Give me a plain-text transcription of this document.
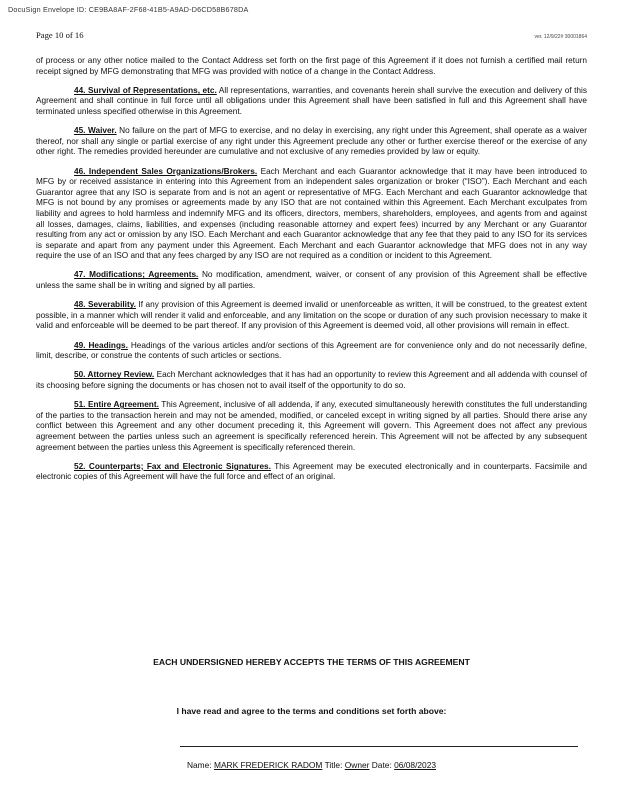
DocuSign Envelope ID: CE9BA8AF-2F68-41B5-A9AD-D6CD58B678DA
Page 10 of 16	ver. 12/9/22# 30001864

of process or any other notice mailed to the Contact Address set forth on the first page of this Agreement if it does not furnish a certified mail return receipt signed by MFG demonstrating that MFG was provided with notice of a change in the Contact Address.

44. Survival of Representations, etc. All representations, warranties, and covenants herein shall survive the execution and delivery of this Agreement and shall continue in full force until all obligations under this Agreement shall have been satisfied in full and this Agreement shall have terminated unless specified otherwise in this Agreement.

45. Waiver. No failure on the part of MFG to exercise, and no delay in exercising, any right under this Agreement, shall operate as a waiver thereof, nor shall any single or partial exercise of any right under this Agreement preclude any other or further exercise thereof or the exercise of any other right. The remedies provided hereunder are cumulative and not exclusive of any remedies provided by law or equity.

46. Independent Sales Organizations/Brokers. Each Merchant and each Guarantor acknowledge that it may have been introduced to MFG by or received assistance in entering into this Agreement from an independent sales organization or broker (“ISO”). Each Merchant and each Guarantor agree that any ISO is separate from and is not an agent or representative of MFG. Each Merchant and each Guarantor acknowledge that MFG is not bound by any promises or agreements made by any ISO that are not contained within this Agreement. Each Merchant exculpates from liability and agrees to hold harmless and indemnify MFG and its officers, directors, members, shareholders, employees, and agents from and against all losses, damages, claims, liabilities, and expenses (including reasonable attorney and expert fees) incurred by any Merchant or any Guarantor resulting from any act or omission by any ISO. Each Merchant and each Guarantor acknowledge that any fee that they paid to any ISO for its services is separate and apart from any payment under this Agreement. Each Merchant and each Guarantor acknowledge that MFG does not in any way require the use of an ISO and that any fees charged by any ISO are not required as a condition or incident to this Agreement.

47. Modifications; Agreements. No modification, amendment, waiver, or consent of any provision of this Agreement shall be effective unless the same shall be in writing and signed by all parties.

48. Severability. If any provision of this Agreement is deemed invalid or unenforceable as written, it will be construed, to the greatest extent possible, in a manner which will render it valid and enforceable, and any limitation on the scope or duration of any such provision necessary to make it valid and enforceable will be deemed to be part thereof. If any provision of this Agreement is deemed void, all other provisions will remain in effect.

49. Headings. Headings of the various articles and/or sections of this Agreement are for convenience only and do not necessarily define, limit, describe, or construe the contents of such articles or sections.

50. Attorney Review. Each Merchant acknowledges that it has had an opportunity to review this Agreement and all addenda with counsel of its choosing before signing the documents or has chosen not to avail itself of the opportunity to do so.

51. Entire Agreement. This Agreement, inclusive of all addenda, if any, executed simultaneously herewith constitutes the full understanding of the parties to the transaction herein and may not be amended, modified, or canceled except in writing signed by all parties. Should there arise any conflict between this Agreement and any other document preceding it, this Agreement will govern. This Agreement does not affect any previous agreement between the parties unless such an agreement is specifically referenced herein. This Agreement will not be affected by any subsequent agreement between the parties unless this Agreement is specifically referenced therein.

52. Counterparts; Fax and Electronic Signatures. This Agreement may be executed electronically and in counterparts. Facsimile and electronic copies of this Agreement will have the full force and effect of an original.

EACH UNDERSIGNED HEREBY ACCEPTS THE TERMS OF THIS AGREEMENT
I have read and agree to the terms and conditions set forth above:
Name: MARK FREDERICK RADOM Title: Owner Date: 06/08/2023
